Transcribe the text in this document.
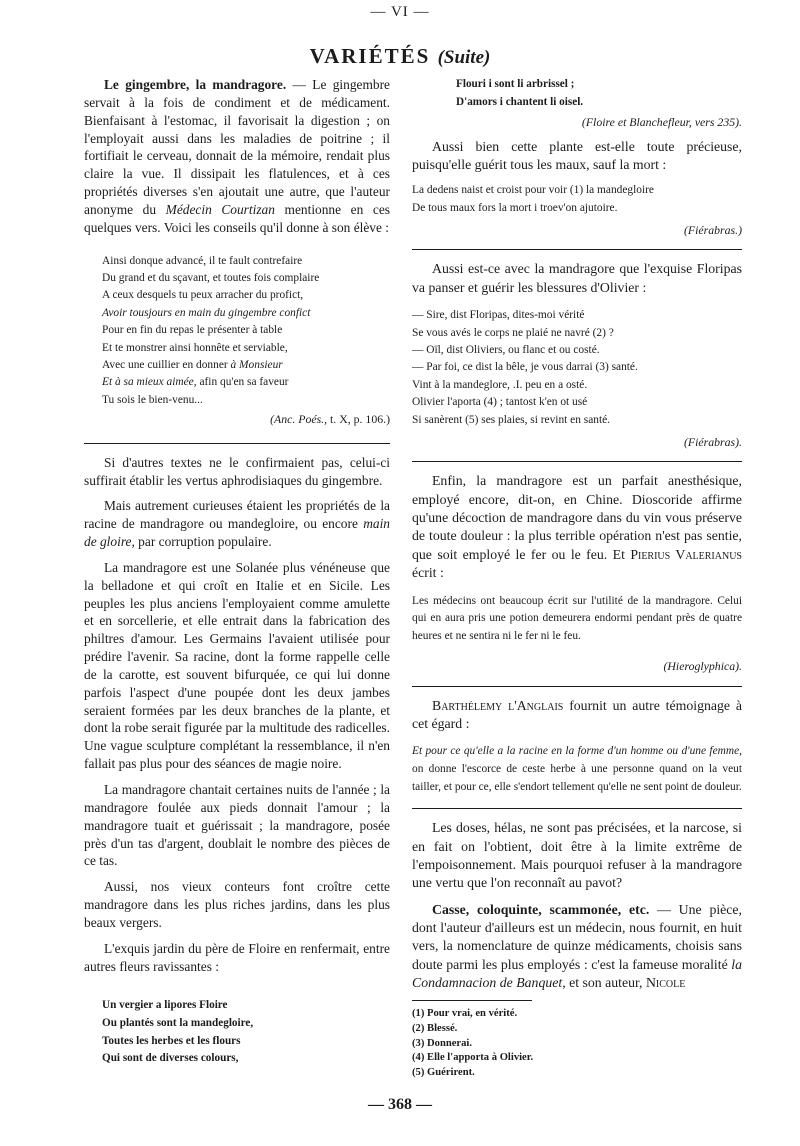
— VI —
VARIÉTÉS (Suite)

Le gingembre, la mandragore. — Le gingembre servait à la fois de condiment et de médicament. Bienfaisant à l'estomac, il favorisait la digestion ; on l'employait aussi dans les maladies de poitrine ; il fortifiait le cerveau, donnait de la mémoire, rendait plus claire la vue. Il dissipait les flatulences, et à ces propriétés diverses s'en ajoutait une autre, que l'auteur anonyme du Médecin Courtizan mentionne en ces quelques vers. Voici les conseils qu'il donne à son élève :

Ainsi donque advancé, il te fault contrefaire
Du grand et du sçavant, et toutes fois complaire
A ceux desquels tu peux arracher du profict,
Avoir tousjours en main du gingembre confict
Pour en fin du repas le présenter à table
Et te monstrer ainsi honnête et serviable,
Avec une cuillier en donner à Monsieur
Et à sa mieux aimée, afin qu'en sa faveur
Tu sois le bien-venu...
(Anc. Poés., t. X, p. 106.)

Si d'autres textes ne le confirmaient pas, celui-ci suffirait établir les vertus aphrodisiaques du gingembre.

Mais autrement curieuses étaient les propriétés de la racine de mandragore ou mandegloire, ou encore main de gloire, par corruption populaire.

La mandragore est une Solanée plus vénéneuse que la belladone et qui croît en Italie et en Sicile. Les peuples les plus anciens l'employaient comme amulette et en sorcellerie, et elle entrait dans la fabrication des philtres d'amour. Les Germains l'avaient utilisée pour prédire l'avenir. Sa racine, dont la forme rappelle celle de la carotte, est souvent bifurquée, ce qui lui donne parfois l'aspect d'une poupée dont les deux jambes seraient formées par les deux branches de la plante, et dont la robe serait figurée par la multitude des radicelles. Une vague sculpture complétant la ressemblance, il n'en fallait pas plus pour des séances de magie noire.

La mandragore chantait certaines nuits de l'année ; la mandragore foulée aux pieds donnait l'amour ; la mandragore tuait et guérissait ; la mandragore, posée près d'un tas d'argent, doublait le nombre des pièces de ce tas.

Aussi, nos vieux conteurs font croître cette mandragore dans les plus riches jardins, dans les plus beaux vergers.

L'exquis jardin du père de Floire en renfermait, entre autres fleurs ravissantes :

Un vergier a lipores Floire
Ou plantés sont la mandegloire,
Toutes les herbes et les flours
Qui sont de diverses colours,
Flouri i sont li arbrissel ;
D'amors i chantent li oisel.
(Floire et Blanchefleur, vers 235).

Aussi bien cette plante est-elle toute précieuse, puisqu'elle guérit tous les maux, sauf la mort :

La dedens naist et croist pour voir (1) la mandegloire
De tous maux fors la mort i troev'on ajutoire.
(Fiérabras.)

Aussi est-ce avec la mandragore que l'exquise Floripas va panser et guérir les blessures d'Olivier :

— Sire, dist Floripas, dites-moi vérité
Se vous avés le corps ne plaié ne navré (2) ?
— Oïl, dist Oliviers, ou flanc et ou costé.
— Par foi, ce dist la bêle, je vous darrai (3) santé.
Vint à la mandeglore, .I. peu en a osté.
Olivier l'aporta (4) ; tantost k'en ot usé
Si sanèrent (5) ses plaies, si revint en santé.
(Fiérabras).

Enfin, la mandragore est un parfait anesthésique, employé encore, dit-on, en Chine. Dioscoride affirme qu'une décoction de mandragore dans du vin vous préserve de toute douleur : la plus terrible opération n'est pas sentie, que soit employé le fer ou le feu. Et Pierius Valerianus écrit :

Les médecins ont beaucoup écrit sur l'utilité de la mandragore. Celui qui en aura pris une potion demeurera endormi pendant près de quatre heures et ne sentira ni le fer ni le feu.
(Hieroglyphica).

Barthélemy l'Anglais fournit un autre témoignage à cet égard :

Et pour ce qu'elle a la racine en la forme d'un homme ou d'une femme, on donne l'escorce de ceste herbe à une personne quand on la veut tailler, et pour ce, elle s'endort tellement qu'elle ne sent point de douleur.

Les doses, hélas, ne sont pas précisées, et la narcose, si en fait on l'obtient, doit être à la limite extrême de l'empoisonnement. Mais pourquoi refuser à la mandragore une vertu que l'on reconnaît au pavot?

Casse, coloquinte, scammonée, etc. — Une pièce, dont l'auteur d'ailleurs est un médecin, nous fournit, en huit vers, la nomenclature de quinze médicaments, choisis sans doute parmi les plus employés : c'est la fameuse moralité la Condamnacion de Banquet, et son auteur, Nicole

(1) Pour vrai, en vérité.
(2) Blessé.
(3) Donnerai.
(4) Elle l'apporta à Olivier.
(5) Guérirent.
— 368 —
